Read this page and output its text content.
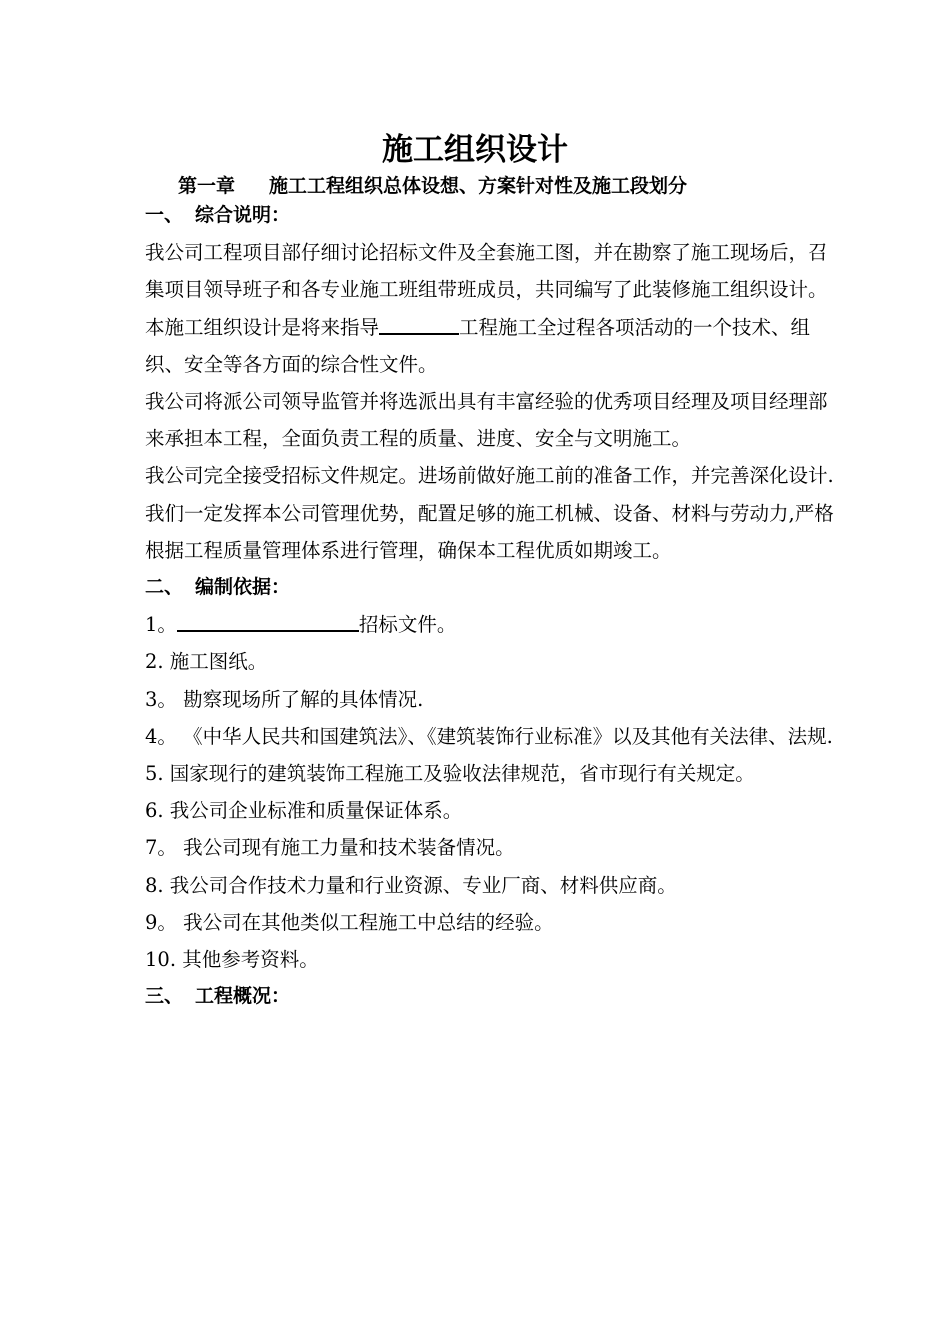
施工组织设计
第一章 施工工程组织总体设想、方案针对性及施工段划分
一、 综合说明：

我公司工程项目部仔细讨论招标文件及全套施工图，并在勘察了施工现场后，召集项目领导班子和各专业施工班组带班成员，共同编写了此装修施工组织设计。本施工组织设计是将来指导	工程施工全过程各项活动的一个技术、组织、安全等各方面的综合性文件。

我公司将派公司领导监管并将选派出具有丰富经验的优秀项目经理及项目经理部来承担本工程，全面负责工程的质量、进度、安全与文明施工。

我公司完全接受招标文件规定。进场前做好施工前的准备工作，并完善深化设计.我们一定发挥本公司管理优势，配置足够的施工机械、设备、材料与劳动力,严格根据工程质量管理体系进行管理，确保本工程优质如期竣工。

二、 编制依据：

1。	招标文件。

2. 施工图纸。

3。 勘察现场所了解的具体情况.

4。 《中华人民共和国建筑法》、《建筑装饰行业标准》以及其他有关法律、法规.

5. 国家现行的建筑装饰工程施工及验收法律规范，省市现行有关规定。

6. 我公司企业标准和质量保证体系。

7。 我公司现有施工力量和技术装备情况。

8. 我公司合作技术力量和行业资源、专业厂商、材料供应商。

9。 我公司在其他类似工程施工中总结的经验。

10. 其他参考资料。

三、 工程概况：
